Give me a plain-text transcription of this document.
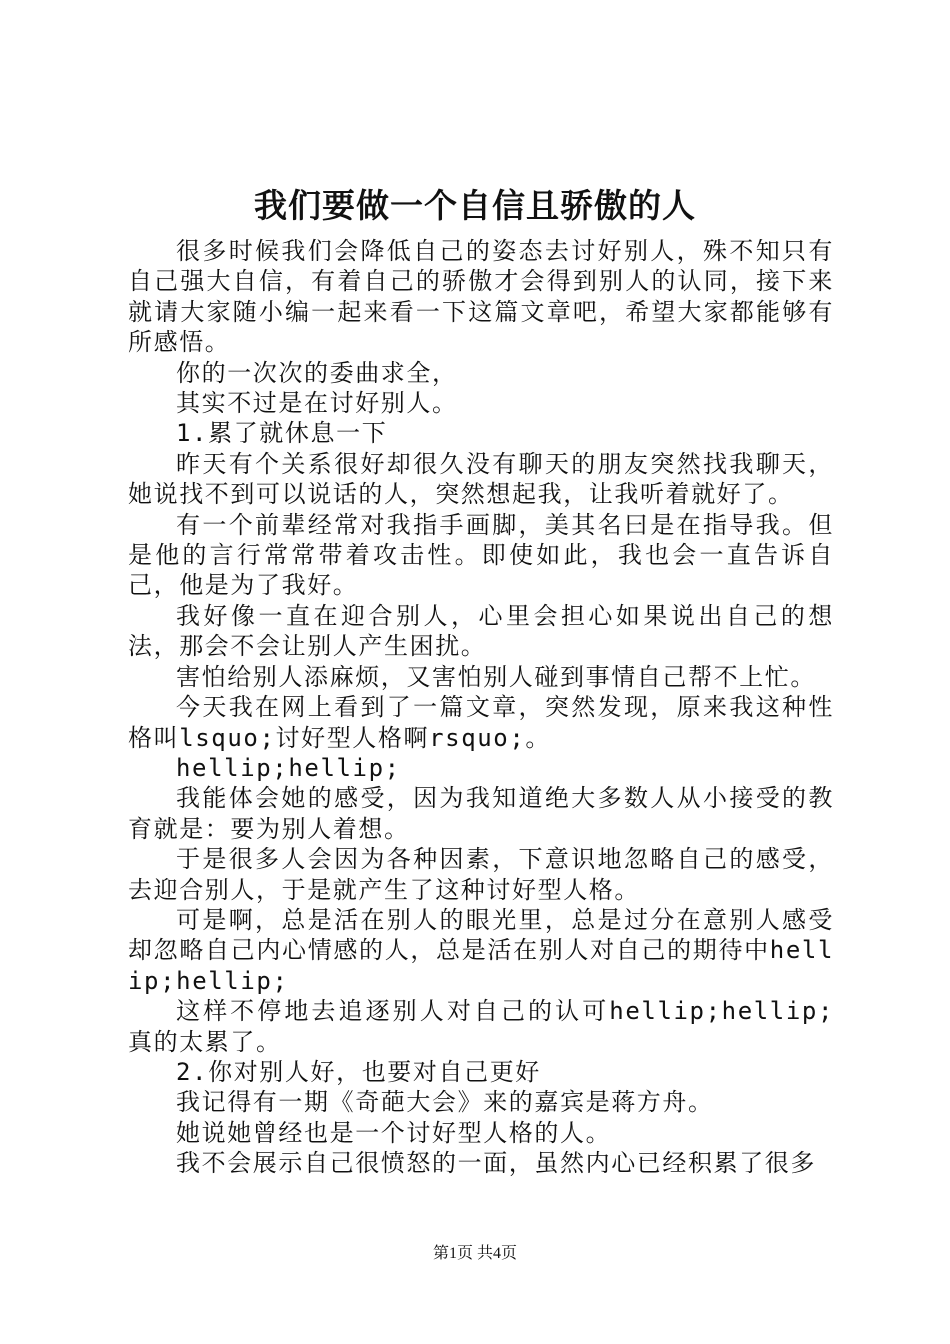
我们要做一个自信且骄傲的人

很多时候我们会降低自己的姿态去讨好别人，殊不知只有自己强大自信，有着自己的骄傲才会得到别人的认同，接下来就请大家随小编一起来看一下这篇文章吧，希望大家都能够有所感悟。

你的一次次的委曲求全，

其实不过是在讨好别人。

1.累了就休息一下

昨天有个关系很好却很久没有聊天的朋友突然找我聊天，她说找不到可以说话的人，突然想起我，让我听着就好了。

有一个前辈经常对我指手画脚，美其名曰是在指导我。但是他的言行常常带着攻击性。即使如此，我也会一直告诉自己，他是为了我好。

我好像一直在迎合别人，心里会担心如果说出自己的想法，那会不会让别人产生困扰。

害怕给别人添麻烦，又害怕别人碰到事情自己帮不上忙。

今天我在网上看到了一篇文章，突然发现，原来我这种性格叫lsquo;讨好型人格啊rsquo;。

hellip;hellip;

我能体会她的感受，因为我知道绝大多数人从小接受的教育就是：要为别人着想。

于是很多人会因为各种因素，下意识地忽略自己的感受，去迎合别人，于是就产生了这种讨好型人格。

可是啊，总是活在别人的眼光里，总是过分在意别人感受却忽略自己内心情感的人，总是活在别人对自己的期待中hellip;hellip;

这样不停地去追逐别人对自己的认可hellip;hellip;真的太累了。

2.你对别人好，也要对自己更好

我记得有一期《奇葩大会》来的嘉宾是蒋方舟。

她说她曾经也是一个讨好型人格的人。

我不会展示自己很愤怒的一面，虽然内心已经积累了很多

第1页 共4页
